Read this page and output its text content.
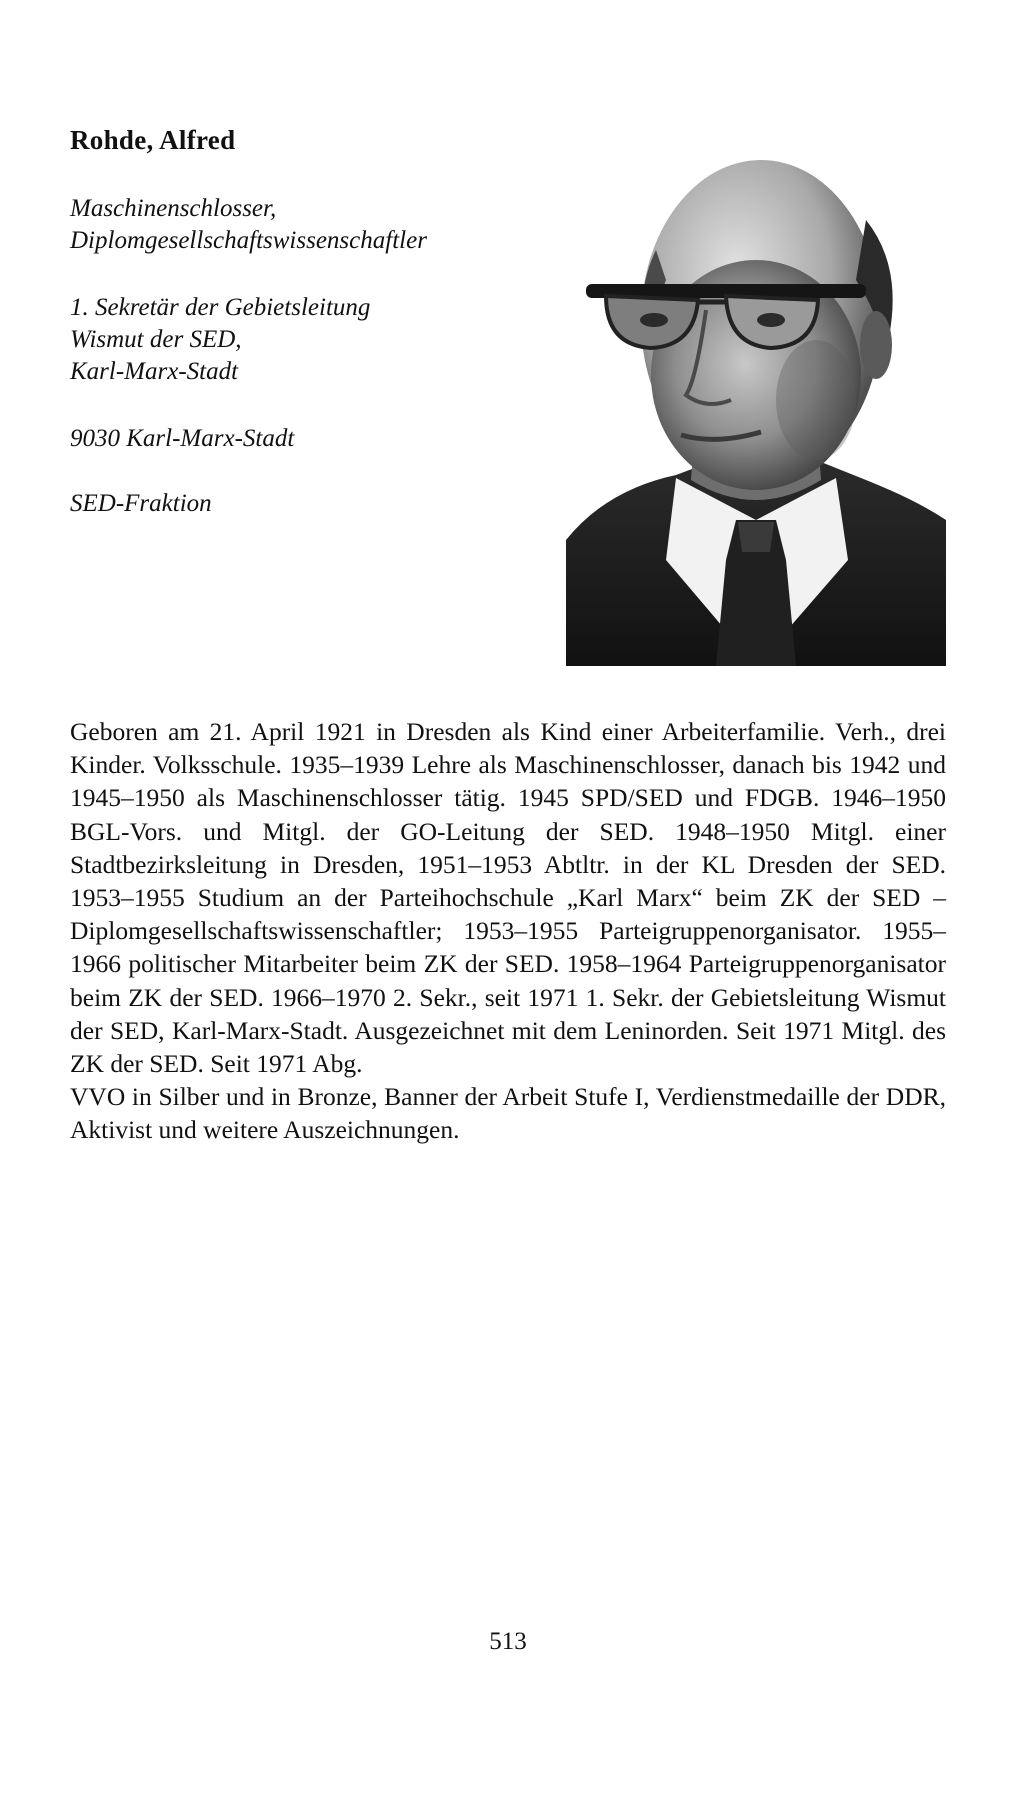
Rohde, Alfred
Maschinenschlosser, Diplomgesellschaftswissenschaftler
1. Sekretär der Gebietsleitung
Wismut der SED,
Karl-Marx-Stadt
9030 Karl-Marx-Stadt
SED-Fraktion

Geboren am 21. April 1921 in Dresden als Kind einer Arbeiterfamilie. Verh., drei Kinder. Volksschule. 1935–1939 Lehre als Maschinenschlosser, danach bis 1942 und 1945–1950 als Maschinenschlosser tätig. 1945 SPD/SED und FDGB. 1946–1950 BGL-Vors. und Mitgl. der GO-Leitung der SED. 1948–1950 Mitgl. einer Stadtbezirksleitung in Dresden, 1951–1953 Abtltr. in der KL Dresden der SED. 1953–1955 Studium an der Parteihochschule „Karl Marx“ beim ZK der SED – Diplomgesellschaftswissenschaftler; 1953–1955 Parteigruppenorganisator. 1955–1966 politischer Mitarbeiter beim ZK der SED. 1958–1964 Parteigruppenorganisator beim ZK der SED. 1966–1970 2. Sekr., seit 1971 1. Sekr. der Gebietsleitung Wismut der SED, Karl-Marx-Stadt. Ausgezeichnet mit dem Leninorden. Seit 1971 Mitgl. des ZK der SED. Seit 1971 Abg.

VVO in Silber und in Bronze, Banner der Arbeit Stufe I, Verdienstmedaille der DDR, Aktivist und weitere Auszeichnungen.

513
